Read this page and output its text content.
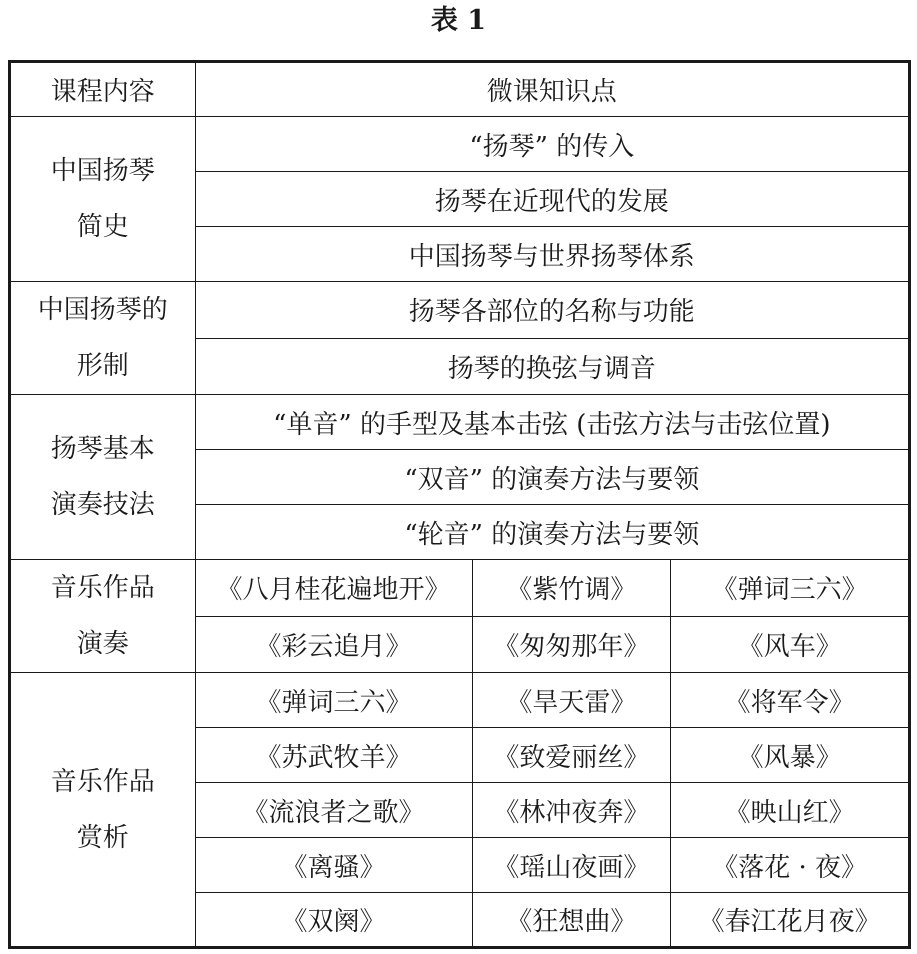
表 1
课程内容	微课知识点		

中国扬琴
简史	“扬琴” 的传入		
	扬琴在近现代的发展		
	中国扬琴与世界扬琴体系		

中国扬琴的
形制	扬琴各部位的名称与功能		
	扬琴的换弦与调音		

扬琴基本
演奏技法	“单音” 的手型及基本击弦 (击弦方法与击弦位置)		
	“双音” 的演奏方法与要领		
	“轮音” 的演奏方法与要领		

音乐作品
演奏	《八月桂花遍地开》	《紫竹调》	《弹词三六》
	《彩云追月》	《匆匆那年》	《风车》

音乐作品
赏析	《弹词三六》	《旱天雷》	《将军令》
	《苏武牧羊》	《致爱丽丝》	《风暴》
	《流浪者之歌》	《林冲夜奔》	《映山红》
	《离骚》	《瑶山夜画》	《落花 · 夜》
	《双阕》	《狂想曲》	《春江花月夜》
